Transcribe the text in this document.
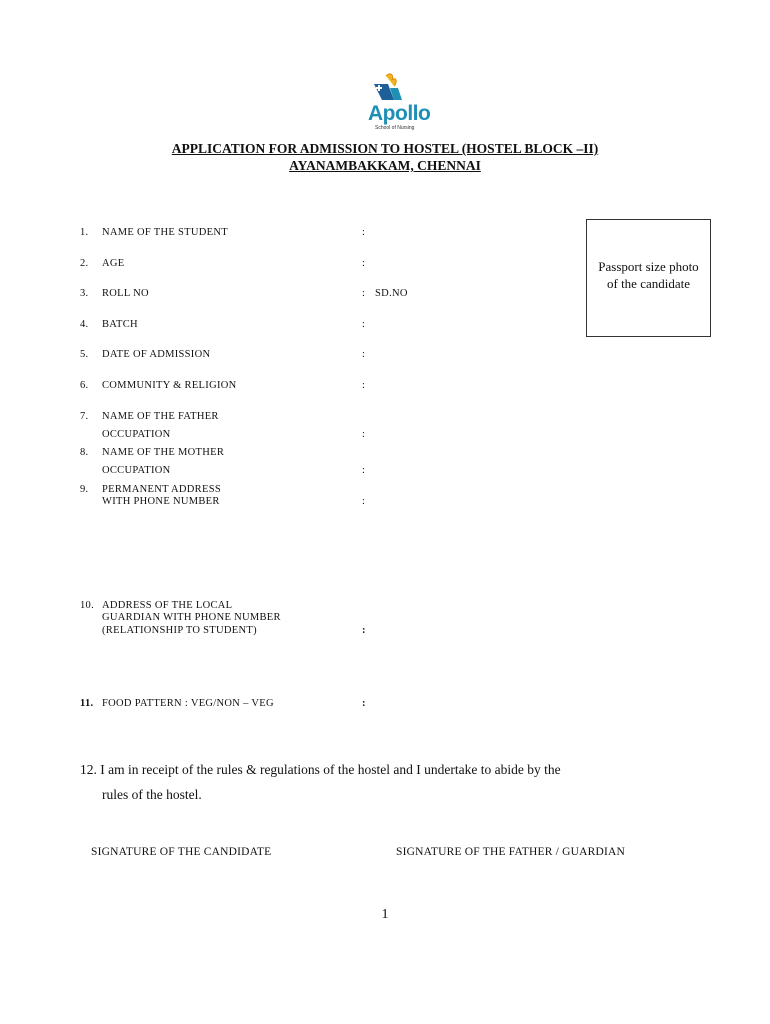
Apollo
School of Nursing
APPLICATION FOR ADMISSION TO HOSTEL (HOSTEL BLOCK –II)
AYANAMBAKKAM, CHENNAI
Passport size photo of the candidate
1. NAME OF THE STUDENT	:
2. AGE	:
3. ROLL NO	: SD.NO
4. BATCH	:
5. DATE OF ADMISSION	:
6. COMMUNITY & RELIGION	:
7. NAME OF THE FATHER
OCCUPATION	:
8. NAME OF THE MOTHER
OCCUPATION	:
9. PERMANENT ADDRESS
WITH PHONE NUMBER	:
10. ADDRESS OF THE LOCAL
GUARDIAN WITH PHONE NUMBER
(RELATIONSHIP TO STUDENT)	:
11. FOOD PATTERN : VEG/NON – VEG	:
12. I am in receipt of the rules & regulations of the hostel and I undertake to abide by the
rules of the hostel.
SIGNATURE OF THE CANDIDATE	SIGNATURE OF THE FATHER / GUARDIAN
1
